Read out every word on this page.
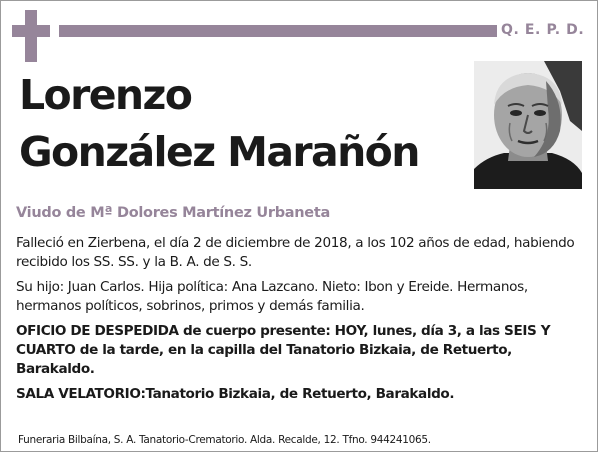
Q. E. P. D.
Lorenzo
González Marañón
Viudo de Mª Dolores Martínez Urbaneta

Falleció en Zierbena, el día 2 de diciembre de 2018, a los 102 años de edad, habiendo recibido los SS. SS. y la B. A. de S. S.

Su hijo: Juan Carlos. Hija política: Ana Lazcano. Nieto: Ibon y Ereide. Hermanos, hermanos políticos, sobrinos, primos y demás familia.

OFICIO DE DESPEDIDA de cuerpo presente: HOY, lunes, día 3, a las SEIS Y CUARTO de la tarde, en la capilla del Tanatorio Bizkaia, de Retuerto, Barakaldo.

SALA VELATORIO:Tanatorio Bizkaia, de Retuerto, Barakaldo.

Funeraria Bilbaína, S. A. Tanatorio-Crematorio. Alda. Recalde, 12. Tfno. 944241065.
